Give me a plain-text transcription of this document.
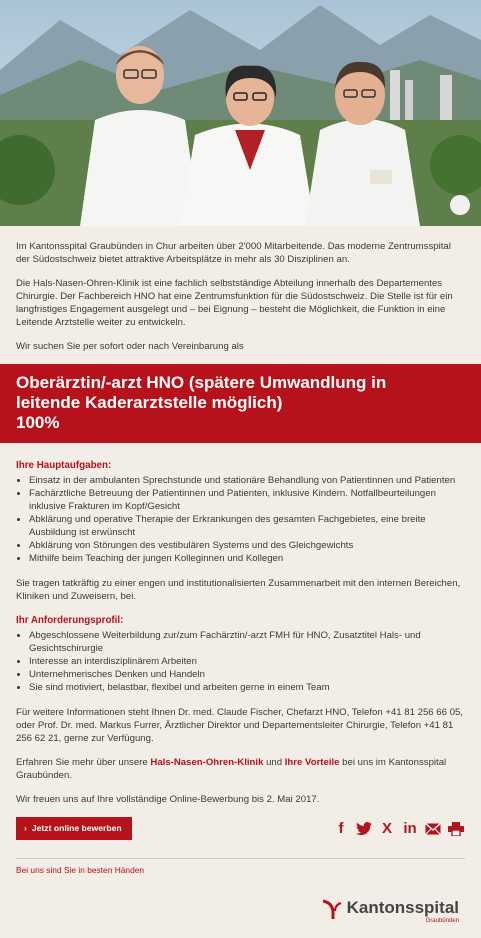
Im Kantonsspital Graubünden in Chur arbeiten über 2'000 Mitarbeitende. Das moderne Zentrumsspital der Südostschweiz bietet attraktive Arbeitsplätze in mehr als 30 Disziplinen an.

Die Hals-Nasen-Ohren-Klinik ist eine fachlich selbstständige Abteilung innerhalb des Departementes Chirurgie. Der Fachbereich HNO hat eine Zentrumsfunktion für die Südostschweiz. Die Stelle ist für ein langfristiges Engagement ausgelegt und – bei Eignung – besteht die Möglichkeit, die Funktion in eine Leitende Arztstelle weiter zu entwickeln.

Wir suchen Sie per sofort oder nach Vereinbarung als

Oberärztin/-arzt HNO (spätere Umwandlung in
leitende Kaderarztstelle möglich)
100%
Ihre Hauptaufgaben:
• Einsatz in der ambulanten Sprechstunde und stationäre Behandlung von Patientinnen und Patienten
• Fachärztliche Betreuung der Patientinnen und Patienten, inklusive Kindern. Notfallbeurteilungen inklusive Frakturen im Kopf/Gesicht
• Abklärung und operative Therapie der Erkrankungen des gesamten Fachgebietes, eine breite Ausbildung ist erwünscht
• Abklärung von Störungen des vestibulären Systems und des Gleichgewichts
• Mithilfe beim Teaching der jungen Kolleginnen und Kollegen

Sie tragen tatkräftig zu einer engen und institutionalisierten Zusammenarbeit mit den internen Bereichen, Kliniken und Zuweisern, bei.

Ihr Anforderungsprofil:
• Abgeschlossene Weiterbildung zur/zum Fachärztin/-arzt FMH für HNO, Zusatztitel Hals- und Gesichtschirurgie
• Interesse an interdisziplinärem Arbeiten
• Unternehmerisches Denken und Handeln
• Sie sind motiviert, belastbar, flexibel und arbeiten gerne in einem Team

Für weitere Informationen steht Ihnen Dr. med. Claude Fischer, Chefarzt HNO, Telefon +41 81 256 66 05, oder Prof. Dr. med. Markus Furrer, Ärztlicher Direktor und Departementsleiter Chirurgie, Telefon +41 81 256 62 21, gerne zur Verfügung.

Erfahren Sie mehr über unsere Hals-Nasen-Ohren-Klinik und Ihre Vorteile bei uns im Kantonsspital Graubünden.

Wir freuen uns auf Ihre vollständige Online-Bewerbung bis 2. Mai 2017.

› Jetzt online bewerben	f	X in
Bei uns sind Sie in besten Händen
Kantonsspital
Graubünden
